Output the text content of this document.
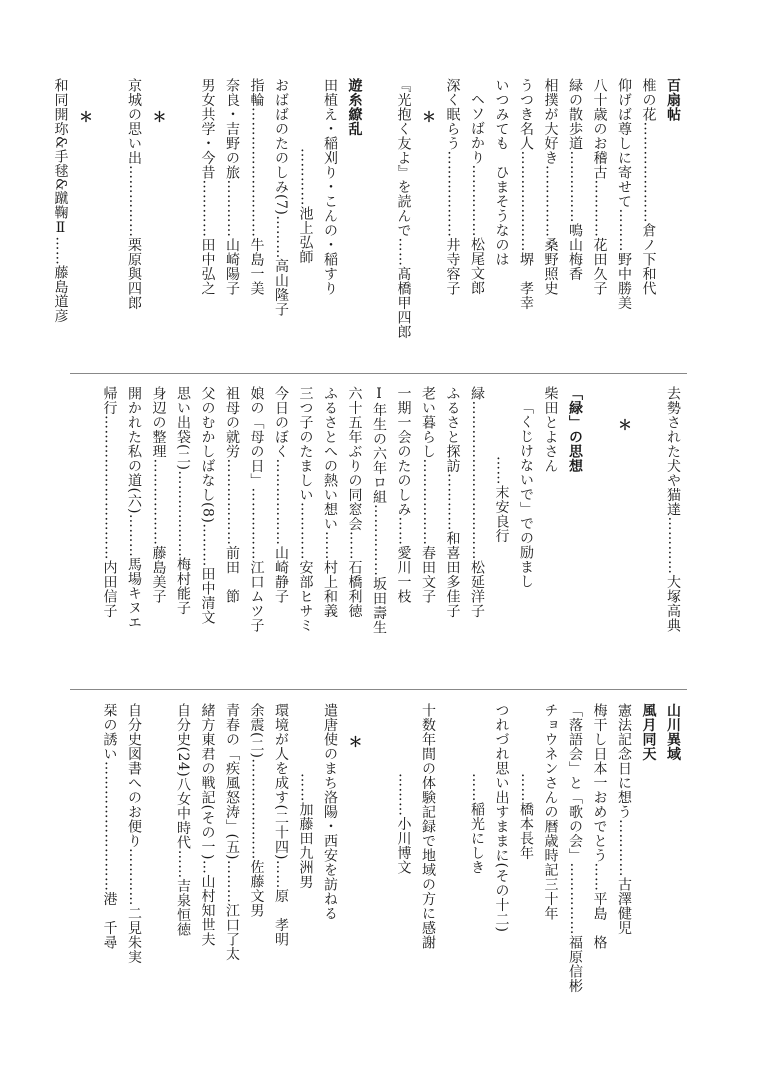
百扇帖
椎の花…………………倉ノ下和代
仰げば尊しに寄せて………野中勝美
八十歳のお稽古…………花田久子
緑の散歩道……………鳴山梅香
相撲が大好き……………桑野照史
うつき名人…………………堺　孝幸
いつみても　ひまそうなのは
ヘソばかり……………松尾文郎
深く眠らう………………井寺容子
＊
『光抱く友よ』を読んで……髙橋甲四郎

遊糸繚乱
田植え・稲刈り・こんの・稲すり
…………池上弘師
おばばのたのしみ(7)………高山隆子
指輪………………………牛島一美
奈良・吉野の旅…………山崎陽子
男女共学・今昔…………田中弘之

＊
京城の思い出……………栗原與四郎

＊
和同開珎&手毬&蹴鞠Ⅱ……藤島道彦
去勢された犬や猫達…………大塚高典

＊

「緑」の思想
柴田とよさん
「くじけないで」での励まし
……末安良行
緑……………………………松延洋子
ふるさと探訪…………和喜田多佳子
老い暮らし………………春田文子
一期一会のたのしみ……愛川一枝
Ⅰ年生の六年ロ組……………坂田壽生
六十五年ぶりの同窓会……石橋利徳
ふるさとへの熱い想い……村上和義
三つ子のたましい…………安部ヒサミ
今日のぼく………………山崎静子
娘の「母の日」……………江口ムツ子
祖母の就労………………前田　節
父のむかしばなし(8)………田中清文
思い出袋(二)………………梅村能子
身辺の整理………………藤島美子
開かれた私の道(六)………馬場キヌエ
帰行…………………………内田信子
山川異域
風月同天
憲法記念日に想う…………古澤健児
梅干し日本一おめでとう……平島　格
「落語会」と「歌の会」……………福原信彬
チョウネンさんの暦歳時記三十年
……橋本長年
つれづれ思い出すままに(その十二)
……稲光にしき

十数年間の体験記録で地域の方に感謝
………小川博文

＊
遣唐使のまち洛陽・西安を訪ねる
……加藤田九洲男
環境が人を成す(二十四)……原　孝明
余震(二)…………………佐藤文男
青春の「疾風怒涛」(五)………江口了太
緒方東君の戦記(その一)…山村知世夫
自分史(24)八女中時代……吉泉恒徳

自分史図書へのお便り…………二見朱実
栞の誘い………………………港　千尋
